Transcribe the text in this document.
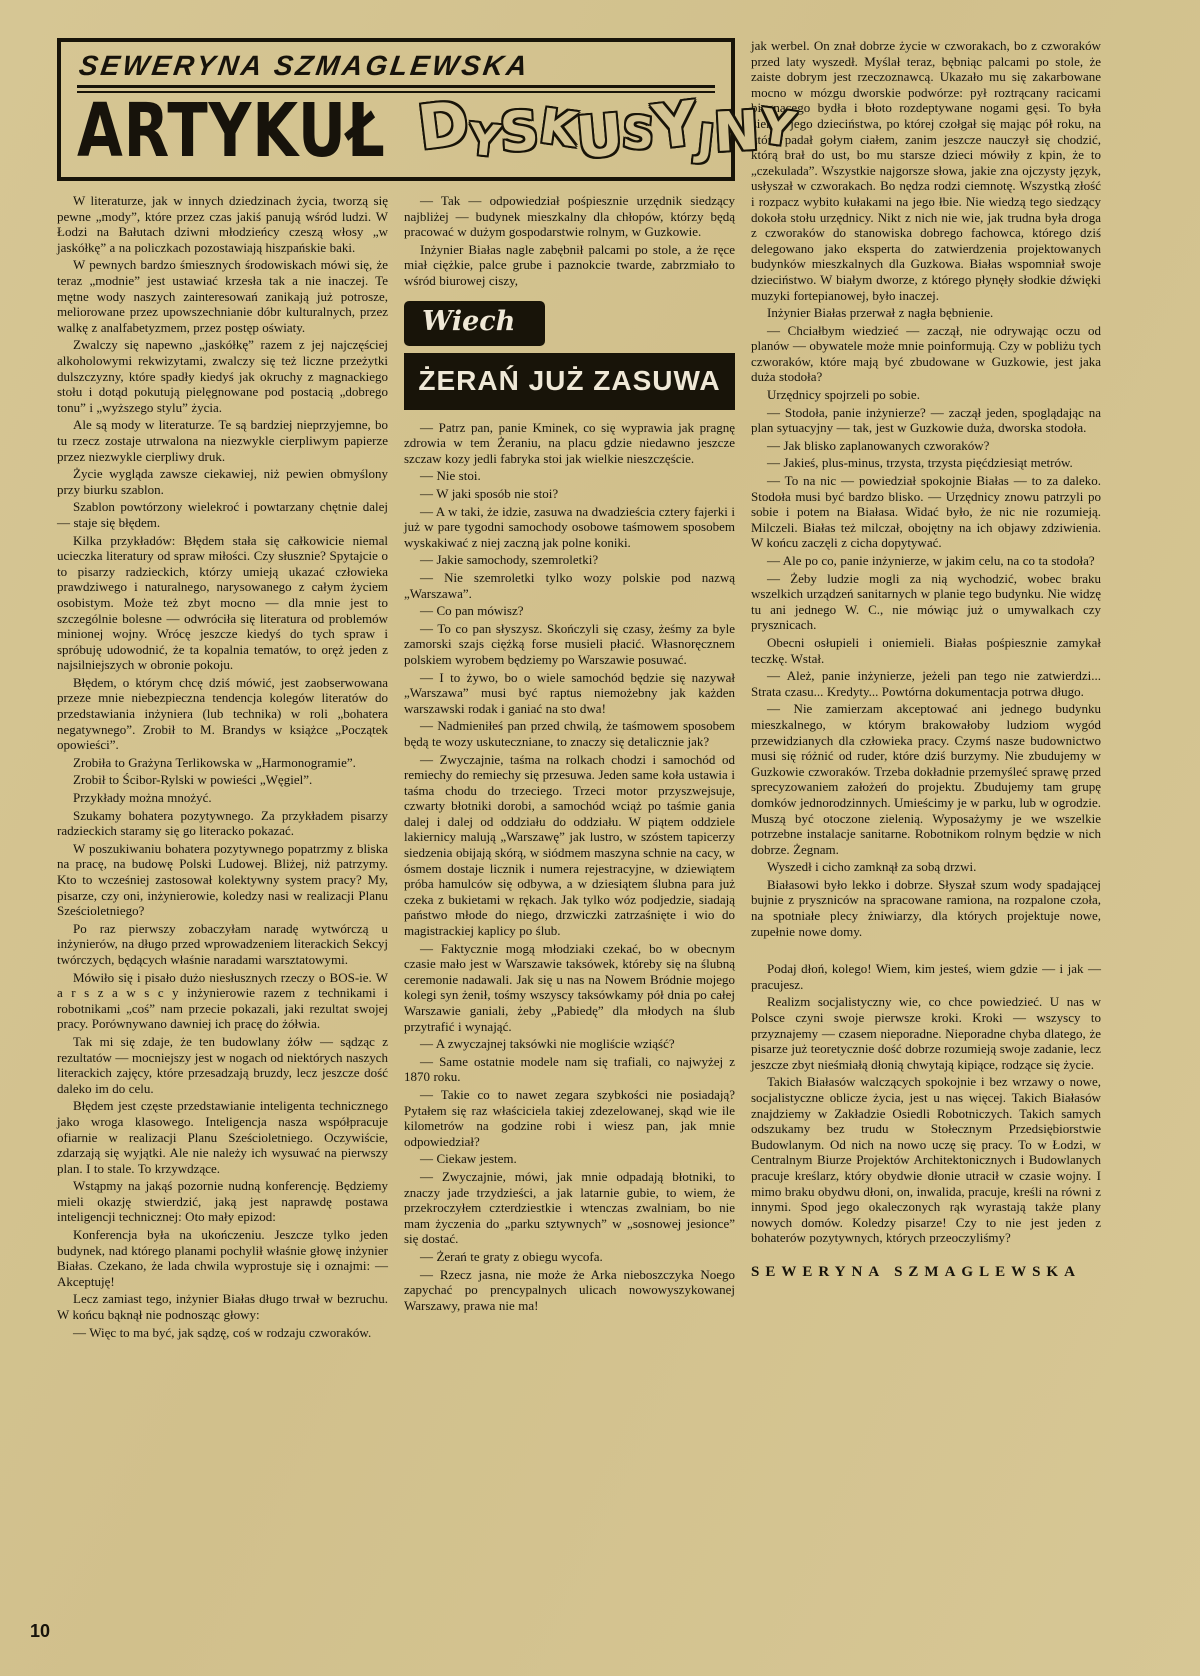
SEWERYNA SZMAGLEWSKA
ARTYKUŁ DYSKUSYJNY

W literaturze, jak w innych dziedzinach życia, tworzą się pewne „mody”, które przez czas jakiś panują wśród ludzi. W Łodzi na Bałutach dziwni młodzieńcy czeszą włosy „w jaskółkę” a na policzkach pozostawiają hiszpańskie baki.

W pewnych bardzo śmiesznych środowiskach mówi się, że teraz „modnie” jest ustawiać krzesła tak a nie inaczej. Te mętne wody naszych zainteresowań zanikają już potrosze, meliorowane przez upowszechnianie dóbr kulturalnych, przez walkę z analfabetyzmem, przez postęp oświaty.

Zwalczy się napewno „jaskółkę” razem z jej najczęściej alkoholowymi rekwizytami, zwalczy się też liczne przeżytki dulszczyzny, które spadły kiedyś jak okruchy z magnackiego stołu i dotąd pokutują pielęgnowane pod postacią „dobrego tonu” i „wyższego stylu” życia.

Ale są mody w literaturze. Te są bardziej nieprzyjemne, bo tu rzecz zostaje utrwalona na niezwykle cierpliwym papierze przez niezwykle cierpliwy druk.

Życie wygląda zawsze ciekawiej, niż pewien obmyślony przy biurku szablon.

Szablon powtórzony wielekroć i powtarzany chętnie dalej — staje się błędem.

Kilka przykładów: Błędem stała się całkowicie niemal ucieczka literatury od spraw miłości. Czy słusznie? Spytajcie o to pisarzy radzieckich, którzy umieją ukazać człowieka prawdziwego i naturalnego, narysowanego z całym życiem osobistym. Może też zbyt mocno — dla mnie jest to szczególnie bolesne — odwróciła się literatura od problemów minionej wojny. Wrócę jeszcze kiedyś do tych spraw i spróbuję udowodnić, że ta kopalnia tematów, to oręż jeden z najsilniejszych w obronie pokoju.

Błędem, o którym chcę dziś mówić, jest zaobserwowana przeze mnie niebezpieczna tendencja kolegów literatów do przedstawiania inżyniera (lub technika) w roli „bohatera negatywnego”. Zrobił to M. Brandys w książce „Początek opowieści”.

Zrobiła to Grażyna Terlikowska w „Harmonogramie”.

Zrobił to Ścibor-Rylski w powieści „Węgiel”.

Przykłady można mnożyć.

Szukamy bohatera pozytywnego. Za przykładem pisarzy radzieckich staramy się go literacko pokazać.

W poszukiwaniu bohatera pozytywnego popatrzmy z bliska na pracę, na budowę Polski Ludowej. Bliżej, niż patrzymy. Kto to wcześniej zastosował kolektywny system pracy? My, pisarze, czy oni, inżynierowie, koledzy nasi w realizacji Planu Sześcioletniego?

Po raz pierwszy zobaczyłam naradę wytwórczą u inżynierów, na długo przed wprowadzeniem literackich Sekcyj twórczych, będących właśnie naradami warsztatowymi.

Mówiło się i pisało dużo niesłusznych rzeczy o BOS-ie. W a r s z a w s c y inżynierowie razem z technikami i robotnikami „coś” nam przecie pokazali, jaki rezultat swojej pracy. Porównywano dawniej ich pracę do żółwia.

Tak mi się zdaje, że ten budowlany żółw — sądząc z rezultatów — mocniejszy jest w nogach od niektórych naszych literackich zajęcy, które przesadzają bruzdy, lecz jeszcze dość daleko im do celu.

Błędem jest częste przedstawianie inteligenta technicznego jako wroga klasowego. Inteligencja nasza współpracuje ofiarnie w realizacji Planu Sześcioletniego. Oczywiście, zdarzają się wyjątki. Ale nie należy ich wysuwać na pierwszy plan. I to stale. To krzywdzące.

Wstąpmy na jakąś pozornie nudną konferencję. Będziemy mieli okazję stwierdzić, jaką jest naprawdę postawa inteligencji technicznej: Oto mały epizod:

Konferencja była na ukończeniu. Jeszcze tylko jeden budynek, nad którego planami pochylił właśnie głowę inżynier Białas. Czekano, że lada chwila wyprostuje się i oznajmi: — Akceptuję!

Lecz zamiast tego, inżynier Białas długo trwał w bezruchu. W końcu bąknął nie podnosząc głowy:

— Więc to ma być, jak sądzę, coś w rodzaju czworaków.

— Tak — odpowiedział pośpiesznie urzędnik siedzący najbliżej — budynek mieszkalny dla chłopów, którzy będą pracować w dużym gospodarstwie rolnym, w Guzkowie.

Inżynier Białas nagle zabębnił palcami po stole, a że ręce miał ciężkie, palce grube i paznokcie twarde, zabrzmiało to wśród biurowej ciszy,

Wiech
ŻERAŃ JUŻ ZASUWA

— Patrz pan, panie Kminek, co się wyprawia jak pragnę zdrowia w tem Żeraniu, na placu gdzie niedawno jeszcze szczaw kozy jedli fabryka stoi jak wielkie nieszczęście.

— Nie stoi.

— W jaki sposób nie stoi?

— A w taki, że idzie, zasuwa na dwadzieścia cztery fajerki i już w pare tygodni samochody osobowe taśmowem sposobem wyskakiwać z niej zaczną jak polne koniki.

— Jakie samochody, szemroletki?

— Nie szemroletki tylko wozy polskie pod nazwą „Warszawa”.

— Co pan mówisz?

— To co pan słyszysz. Skończyli się czasy, żeśmy za byle zamorski szajs ciężką forse musieli płacić. Własnoręcznem polskiem wyrobem będziemy po Warszawie posuwać.

— I to żywo, bo o wiele samochód będzie się nazywał „Warszawa” musi być raptus niemożebny jak każden warszawski rodak i ganiać na sto dwa!

— Nadmieniłeś pan przed chwilą, że taśmowem sposobem będą te wozy uskuteczniane, to znaczy się detalicznie jak?

— Zwyczajnie, taśma na rolkach chodzi i samochód od remiechy do remiechy się przesuwa. Jeden same koła ustawia i taśma chodu do trzeciego. Trzeci motor przyszwejsuje, czwarty błotniki dorobi, a samochód wciąż po taśmie gania dalej i dalej od oddziału do oddziału. W piątem oddziele lakiernicy malują „Warszawę” jak lustro, w szóstem tapicerzy siedzenia obijają skórą, w siódmem maszyna schnie na cacy, w ósmem dostaje licznik i numera rejestracyjne, w dziewiątem próba hamulców się odbywa, a w dziesiątem ślubna para już czeka z bukietami w rękach. Jak tylko wóz podjedzie, siadają państwo młode do niego, drzwiczki zatrzaśnięte i wio do magistrackiej kaplicy po ślub.

— Faktycznie mogą młodziaki czekać, bo w obecnym czasie mało jest w Warszawie taksówek, któreby się na ślubną ceremonie nadawali. Jak się u nas na Nowem Bródnie mojego kolegi syn żenił, tośmy wszyscy taksówkamy pół dnia po całej Warszawie ganiali, żeby „Pabiedę” dla młodych na ślub przytrafić i wynająć.

— A zwyczajnej taksówki nie mogliście wziąść?

— Same ostatnie modele nam się trafiali, co najwyżej z 1870 roku.

— Takie co to nawet zegara szybkości nie posiadają? Pytałem się raz właściciela takiej zdezelowanej, skąd wie ile kilometrów na godzine robi i wiesz pan, jak mnie odpowiedział?

— Ciekaw jestem.

— Zwyczajnie, mówi, jak mnie odpadają błotniki, to znaczy jade trzydzieści, a jak latarnie gubie, to wiem, że przekroczyłem czterdziestkie i wtenczas zwalniam, bo nie mam życzenia do „parku sztywnych” w „sosnowej jesionce” się dostać.

— Żerań te graty z obiegu wycofa.

— Rzecz jasna, nie może że Arka nieboszczyka Noego zapychać po prencypalnych ulicach nowowyszykowanej Warszawy, prawa nie ma!

jak werbel. On znał dobrze życie w czworakach, bo z czworaków przed laty wyszedł. Myślał teraz, bębniąc palcami po stole, że zaiste dobrym jest rzeczoznawcą. Ukazało mu się zakarbowane mocno w mózgu dworskie podwórze: pył roztrącany racicami biegnącego bydła i błoto rozdeptywane nogami gęsi. To była ziemia jego dzieciństwa, po której czołgał się mając pół roku, na którą padał gołym ciałem, zanim jeszcze nauczył się chodzić, którą brał do ust, bo mu starsze dzieci mówiły z kpin, że to „czekulada”. Wszystkie najgorsze słowa, jakie zna ojczysty język, usłyszał w czworakach. Bo nędza rodzi ciemnotę. Wszystką złość i rozpacz wybito kułakami na jego łbie. Nie wiedzą tego siedzący dokoła stołu urzędnicy. Nikt z nich nie wie, jak trudna była droga z czworaków do stanowiska dobrego fachowca, którego dziś delegowano jako eksperta do zatwierdzenia projektowanych budynków mieszkalnych dla Guzkowa. Białas wspomniał swoje dzieciństwo. W białym dworze, z którego płynęły słodkie dźwięki muzyki fortepianowej, było inaczej.

Inżynier Białas przerwał z nagła bębnienie.

— Chciałbym wiedzieć — zaczął, nie odrywając oczu od planów — obywatele może mnie poinformują. Czy w pobliżu tych czworaków, które mają być zbudowane w Guzkowie, jest jaka duża stodoła?

Urzędnicy spojrzeli po sobie.

— Stodoła, panie inżynierze? — zaczął jeden, spoglądając na plan sytuacyjny — tak, jest w Guzkowie duża, dworska stodoła.

— Jak blisko zaplanowanych czworaków?

— Jakieś, plus-minus, trzysta, trzysta pięćdziesiąt metrów.

— To na nic — powiedział spokojnie Białas — to za daleko. Stodoła musi być bardzo blisko. — Urzędnicy znowu patrzyli po sobie i potem na Białasa. Widać było, że nic nie rozumieją. Milczeli. Białas też milczał, obojętny na ich objawy zdziwienia. W końcu zaczęli z cicha dopytywać.

— Ale po co, panie inżynierze, w jakim celu, na co ta stodoła?

— Żeby ludzie mogli za nią wychodzić, wobec braku wszelkich urządzeń sanitarnych w planie tego budynku. Nie widzę tu ani jednego W. C., nie mówiąc już o umywalkach czy prysznicach.

Obecni osłupieli i oniemieli. Białas pośpiesznie zamykał teczkę. Wstał.

— Ależ, panie inżynierze, jeżeli pan tego nie zatwierdzi... Strata czasu... Kredyty... Powtórna dokumentacja potrwa długo.

— Nie zamierzam akceptować ani jednego budynku mieszkalnego, w którym brakowałoby ludziom wygód przewidzianych dla człowieka pracy. Czymś nasze budownictwo musi się różnić od ruder, które dziś burzymy. Nie zbudujemy w Guzkowie czworaków. Trzeba dokładnie przemyśleć sprawę przed sprecyzowaniem założeń do projektu. Zbudujemy tam grupę domków jednorodzinnych. Umieścimy je w parku, lub w ogrodzie. Muszą być otoczone zielenią. Wyposażymy je we wszelkie potrzebne instalacje sanitarne. Robotnikom rolnym będzie w nich dobrze. Żegnam.

Wyszedł i cicho zamknął za sobą drzwi.

Białasowi było lekko i dobrze. Słyszał szum wody spadającej bujnie z pryszniców na spracowane ramiona, na rozpalone czoła, na spotniałe plecy żniwiarzy, dla których projektuje nowe, zupełnie nowe domy.

Podaj dłoń, kolego! Wiem, kim jesteś, wiem gdzie — i jak — pracujesz.

Realizm socjalistyczny wie, co chce powiedzieć. U nas w Polsce czyni swoje pierwsze kroki. Kroki — wszyscy to przyznajemy — czasem nieporadne. Nieporadne chyba dlatego, że pisarze już teoretycznie dość dobrze rozumieją swoje zadanie, lecz jeszcze zbyt nieśmiałą dłonią chwytają kipiące, rodzące się życie.

Takich Białasów walczących spokojnie i bez wrzawy o nowe, socjalistyczne oblicze życia, jest u nas więcej. Takich Białasów znajdziemy w Zakładzie Osiedli Robotniczych. Takich samych odszukamy bez trudu w Stołecznym Przedsiębiorstwie Budowlanym. Od nich na nowo uczę się pracy. To w Łodzi, w Centralnym Biurze Projektów Architektonicznych i Budowlanych pracuje kreślarz, który obydwie dłonie utracił w czasie wojny. I mimo braku obydwu dłoni, on, inwalida, pracuje, kreśli na równi z innymi. Spod jego okaleczonych rąk wyrastają także plany nowych domów. Koledzy pisarze! Czy to nie jest jeden z bohaterów pozytywnych, których przeoczyliśmy?

SEWERYNA SZMAGLEWSKA
10
